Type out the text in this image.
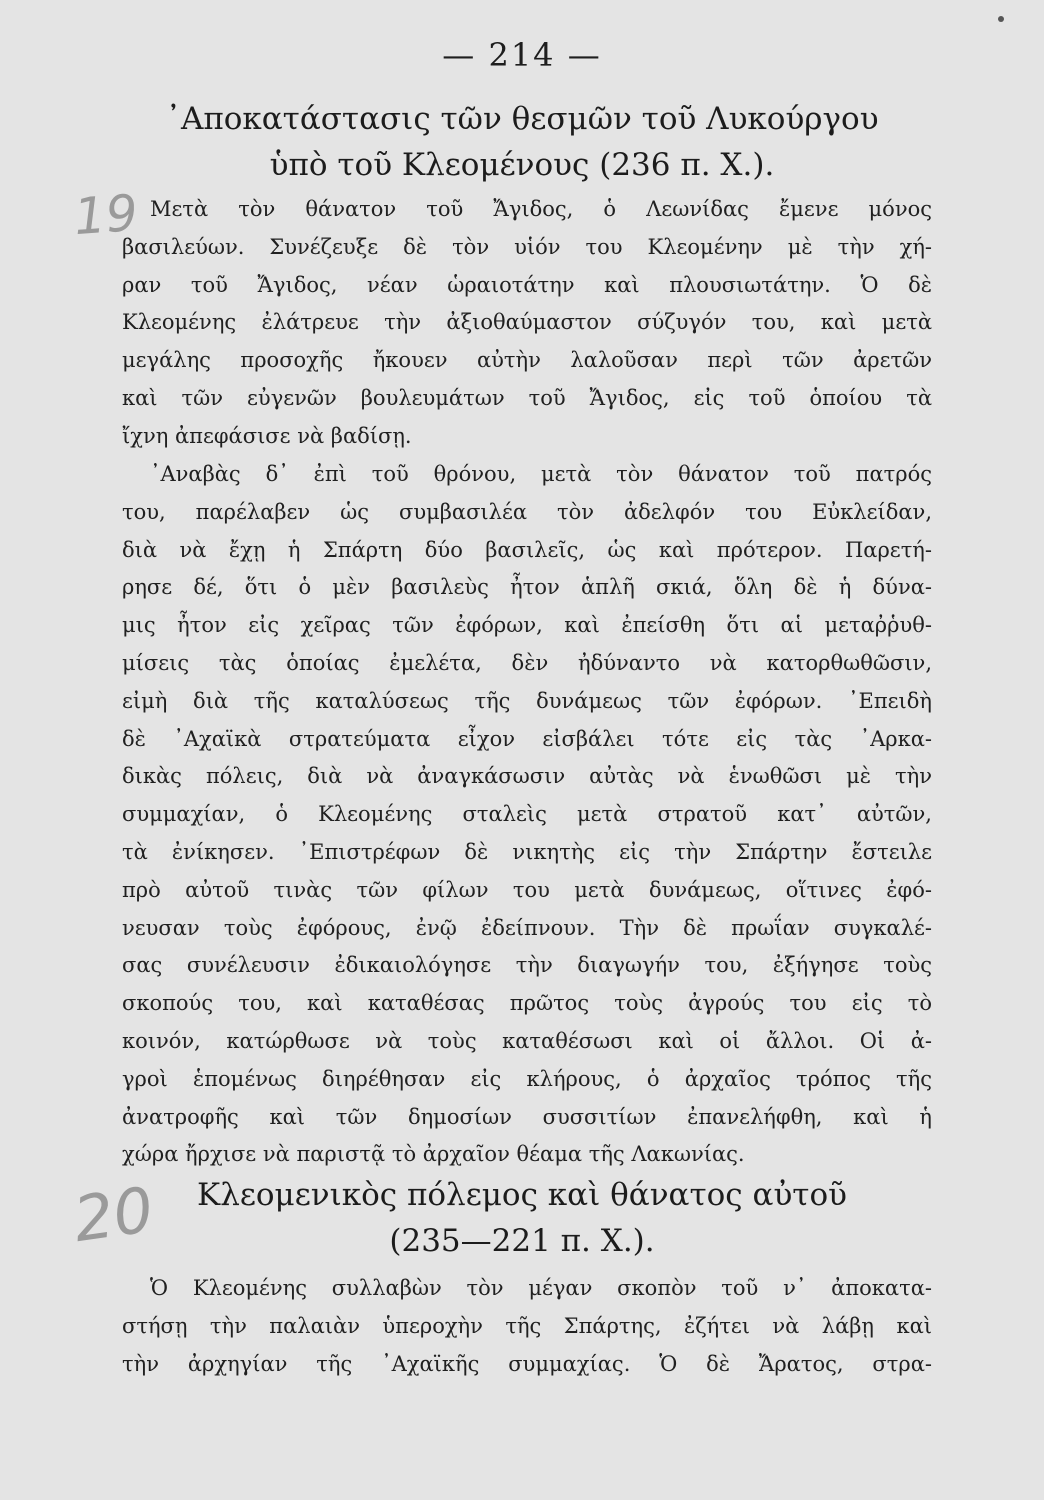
— 214 —
᾿Αποκατάστασις τῶν θεσμῶν τοῦ Λυκούργου
ὑπὸ τοῦ Κλεομένους (236 π. Χ.).
19 Μετὰ τὸν θάνατον τοῦ Ἄγιδος, ὁ Λεωνίδας ἔμενε μόνος
βασιλεύων. Συνέζευξε δὲ τὸν υἱόν του Κλεομένην μὲ τὴν χή-
ραν τοῦ Ἄγιδος, νέαν ὡραιοτάτην καὶ πλουσιωτάτην. Ὁ δὲ
Κλεομένης ἐλάτρευε τὴν ἀξιοθαύμαστον σύζυγόν του, καὶ μετὰ
μεγάλης προσοχῆς ἤκουεν αὐτὴν λαλοῦσαν περὶ τῶν ἀρετῶν
καὶ τῶν εὐγενῶν βουλευμάτων τοῦ Ἄγιδος, εἰς τοῦ ὁποίου τὰ
ἴχνη ἀπεφάσισε νὰ βαδίσῃ.
᾿Αναβὰς δ᾿ ἐπὶ τοῦ θρόνου, μετὰ τὸν θάνατον τοῦ πατρός
του, παρέλαβεν ὡς συμβασιλέα τὸν ἀδελφόν του Εὐκλείδαν,
διὰ νὰ ἔχῃ ἡ Σπάρτη δύο βασιλεῖς, ὡς καὶ πρότερον. Παρετή-
ρησε δέ, ὅτι ὁ μὲν βασιλεὺς ἦτον ἁπλῆ σκιά, ὅλη δὲ ἡ δύνα-
μις ἦτον εἰς χεῖρας τῶν ἐφόρων, καὶ ἐπείσθη ὅτι αἱ μεταῤῥυθ-
μίσεις τὰς ὁποίας ἐμελέτα, δὲν ἠδύναντο νὰ κατορθωθῶσιν,
εἰμὴ διὰ τῆς καταλύσεως τῆς δυνάμεως τῶν ἐφόρων. ᾿Επειδὴ
δὲ ᾿Αχαϊκὰ στρατεύματα εἶχον εἰσβάλει τότε εἰς τὰς ᾿Αρκα-
δικὰς πόλεις, διὰ νὰ ἀναγκάσωσιν αὐτὰς νὰ ἑνωθῶσι μὲ τὴν
συμμαχίαν, ὁ Κλεομένης σταλεὶς μετὰ στρατοῦ κατ᾿ αὐτῶν,
τὰ ἐνίκησεν. ᾿Επιστρέφων δὲ νικητὴς εἰς τὴν Σπάρτην ἔστειλε
πρὸ αὐτοῦ τινὰς τῶν φίλων του μετὰ δυνάμεως, οἵτινες ἐφό-
νευσαν τοὺς ἐφόρους, ἐνῷ ἐδείπνουν. Τὴν δὲ πρωΐαν συγκαλέ-
σας συνέλευσιν ἐδικαιολόγησε τὴν διαγωγήν του, ἐξήγησε τοὺς
σκοπούς του, καὶ καταθέσας πρῶτος τοὺς ἀγρούς του εἰς τὸ
κοινόν, κατώρθωσε νὰ τοὺς καταθέσωσι καὶ οἱ ἄλλοι. Οἱ ἀ-
γροὶ ἑπομένως διηρέθησαν εἰς κλήρους, ὁ ἀρχαῖος τρόπος τῆς
ἀνατροφῆς καὶ τῶν δημοσίων συσσιτίων ἐπανελήφθη, καὶ ἡ
χώρα ἤρχισε νὰ παριστᾷ τὸ ἀρχαῖον θέαμα τῆς Λακωνίας.
Κλεομενικὸς πόλεμος καὶ θάνατος αὐτοῦ
(235—221 π. Χ.).
20
Ὁ Κλεομένης συλλαβὼν τὸν μέγαν σκοπὸν τοῦ ν᾿ ἀποκατα-
στήσῃ τὴν παλαιὰν ὑπεροχὴν τῆς Σπάρτης, ἐζήτει νὰ λάβῃ καὶ
τὴν ἀρχηγίαν τῆς ᾿Αχαϊκῆς συμμαχίας. Ὁ δὲ Ἄρατος, στρα-
